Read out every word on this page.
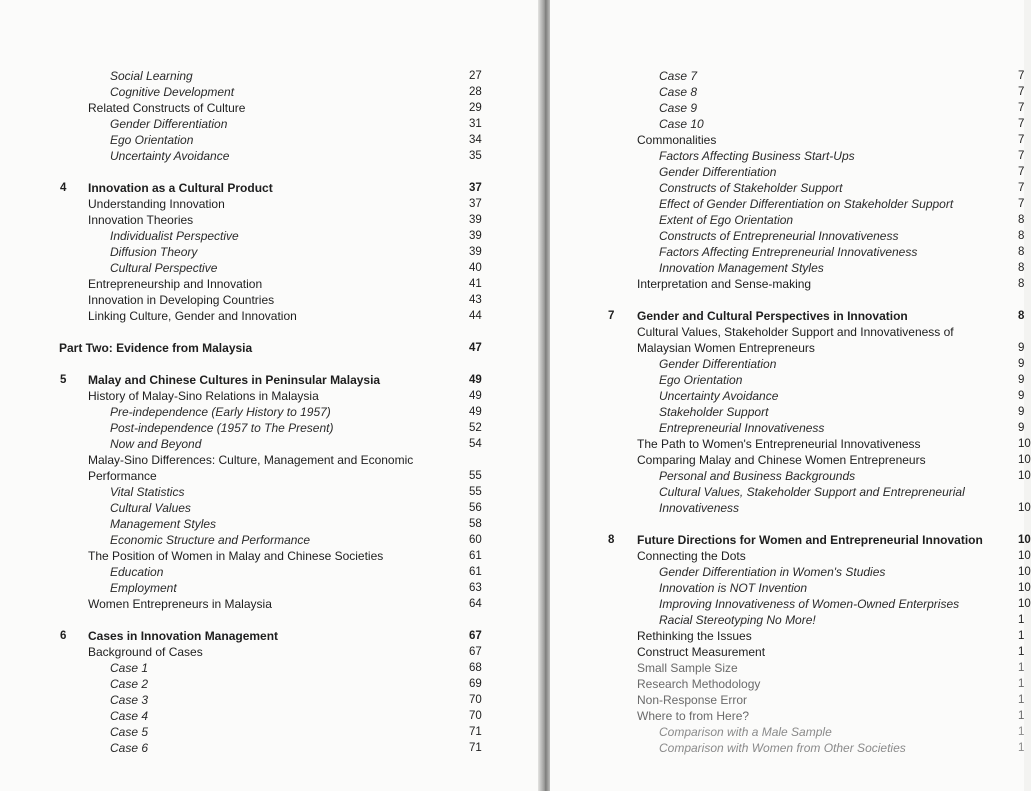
Social Learning	27
Cognitive Development	28
Related Constructs of Culture	29
Gender Differentiation	31
Ego Orientation	34
Uncertainty Avoidance	35
4 Innovation as a Cultural Product	37
Understanding Innovation	37
Innovation Theories	39
Individualist Perspective	39
Diffusion Theory	39
Cultural Perspective	40
Entrepreneurship and Innovation	41
Innovation in Developing Countries	43
Linking Culture, Gender and Innovation	44
Part Two: Evidence from Malaysia	47
5 Malay and Chinese Cultures in Peninsular Malaysia	49
History of Malay-Sino Relations in Malaysia	49
Pre-independence (Early History to 1957)	49
Post-independence (1957 to The Present)	52
Now and Beyond	54
Malay-Sino Differences: Culture, Management and Economic
Performance	55
Vital Statistics	55
Cultural Values	56
Management Styles	58
Economic Structure and Performance	60
The Position of Women in Malay and Chinese Societies	61
Education	61
Employment	63
Women Entrepreneurs in Malaysia	64
6 Cases in Innovation Management	67
Background of Cases	67
Case 1	68
Case 2	69
Case 3	70
Case 4	70
Case 5	71
Case 6	71
Case 7	7
Case 8	7
Case 9	7
Case 10	7
Commonalities	7
Factors Affecting Business Start-Ups	7
Gender Differentiation	7
Constructs of Stakeholder Support	7
Effect of Gender Differentiation on Stakeholder Support	7
Extent of Ego Orientation	8
Constructs of Entrepreneurial Innovativeness	8
Factors Affecting Entrepreneurial Innovativeness	8
Innovation Management Styles	8
Interpretation and Sense-making	8
7 Gender and Cultural Perspectives in Innovation	8
Cultural Values, Stakeholder Support and Innovativeness of
Malaysian Women Entrepreneurs	9
Gender Differentiation	9
Ego Orientation	9
Uncertainty Avoidance	9
Stakeholder Support	9
Entrepreneurial Innovativeness	9
The Path to Women's Entrepreneurial Innovativeness	10
Comparing Malay and Chinese Women Entrepreneurs	10
Personal and Business Backgrounds	10
Cultural Values, Stakeholder Support and Entrepreneurial
Innovativeness	10
8 Future Directions for Women and Entrepreneurial Innovation	10
Connecting the Dots	10
Gender Differentiation in Women's Studies	10
Innovation is NOT Invention	10
Improving Innovativeness of Women-Owned Enterprises	10
Racial Stereotyping No More!	1
Rethinking the Issues	1
Construct Measurement	1
Small Sample Size	1
Research Methodology	1
Non-Response Error	1
Where to from Here?	1
Comparison with a Male Sample	1
Comparison with Women from Other Societies	1
